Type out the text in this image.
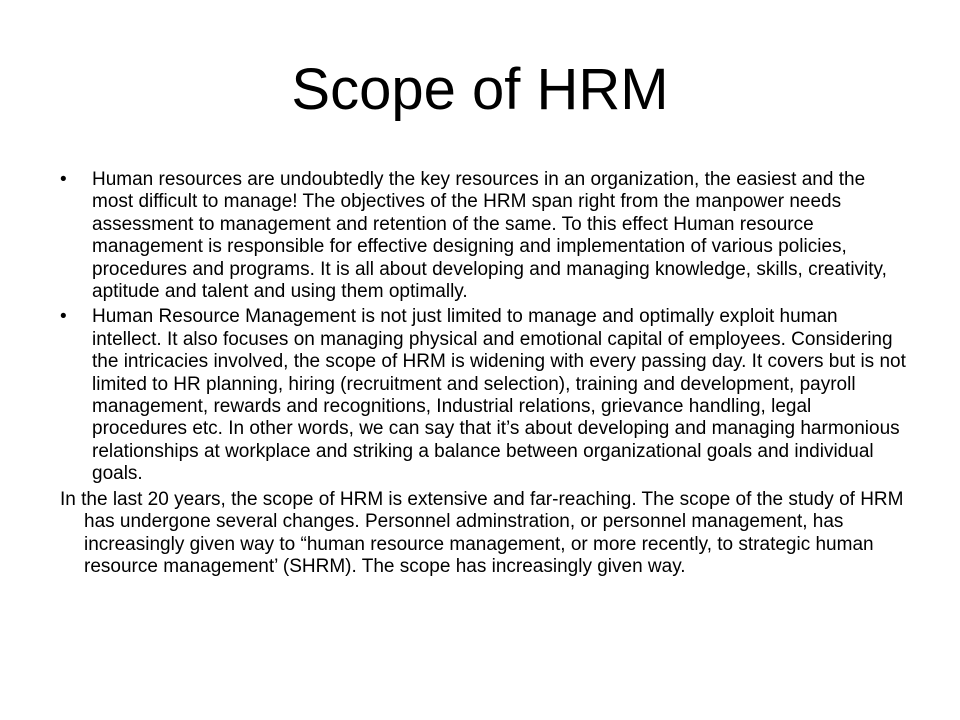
Scope of HRM
• Human resources are undoubtedly the key resources in an organization, the easiest and the most difficult to manage! The objectives of the HRM span right from the manpower needs assessment to management and retention of the same. To this effect Human resource management is responsible for effective designing and implementation of various policies, procedures and programs. It is all about developing and managing knowledge, skills, creativity, aptitude and talent and using them optimally.
• Human Resource Management is not just limited to manage and optimally exploit human intellect. It also focuses on managing physical and emotional capital of employees. Considering the intricacies involved, the scope of HRM is widening with every passing day. It covers but is not limited to HR planning, hiring (recruitment and selection), training and development, payroll management, rewards and recognitions, Industrial relations, grievance handling, legal procedures etc. In other words, we can say that it’s about developing and managing harmonious relationships at workplace and striking a balance between organizational goals and individual goals.

In the last 20 years, the scope of HRM is extensive and far-reaching. The scope of the study of HRM has undergone several changes. Personnel adminstration, or personnel management, has increasingly given way to “human resource management, or more recently, to strategic human resource management’ (SHRM). The scope has increasingly given way.
